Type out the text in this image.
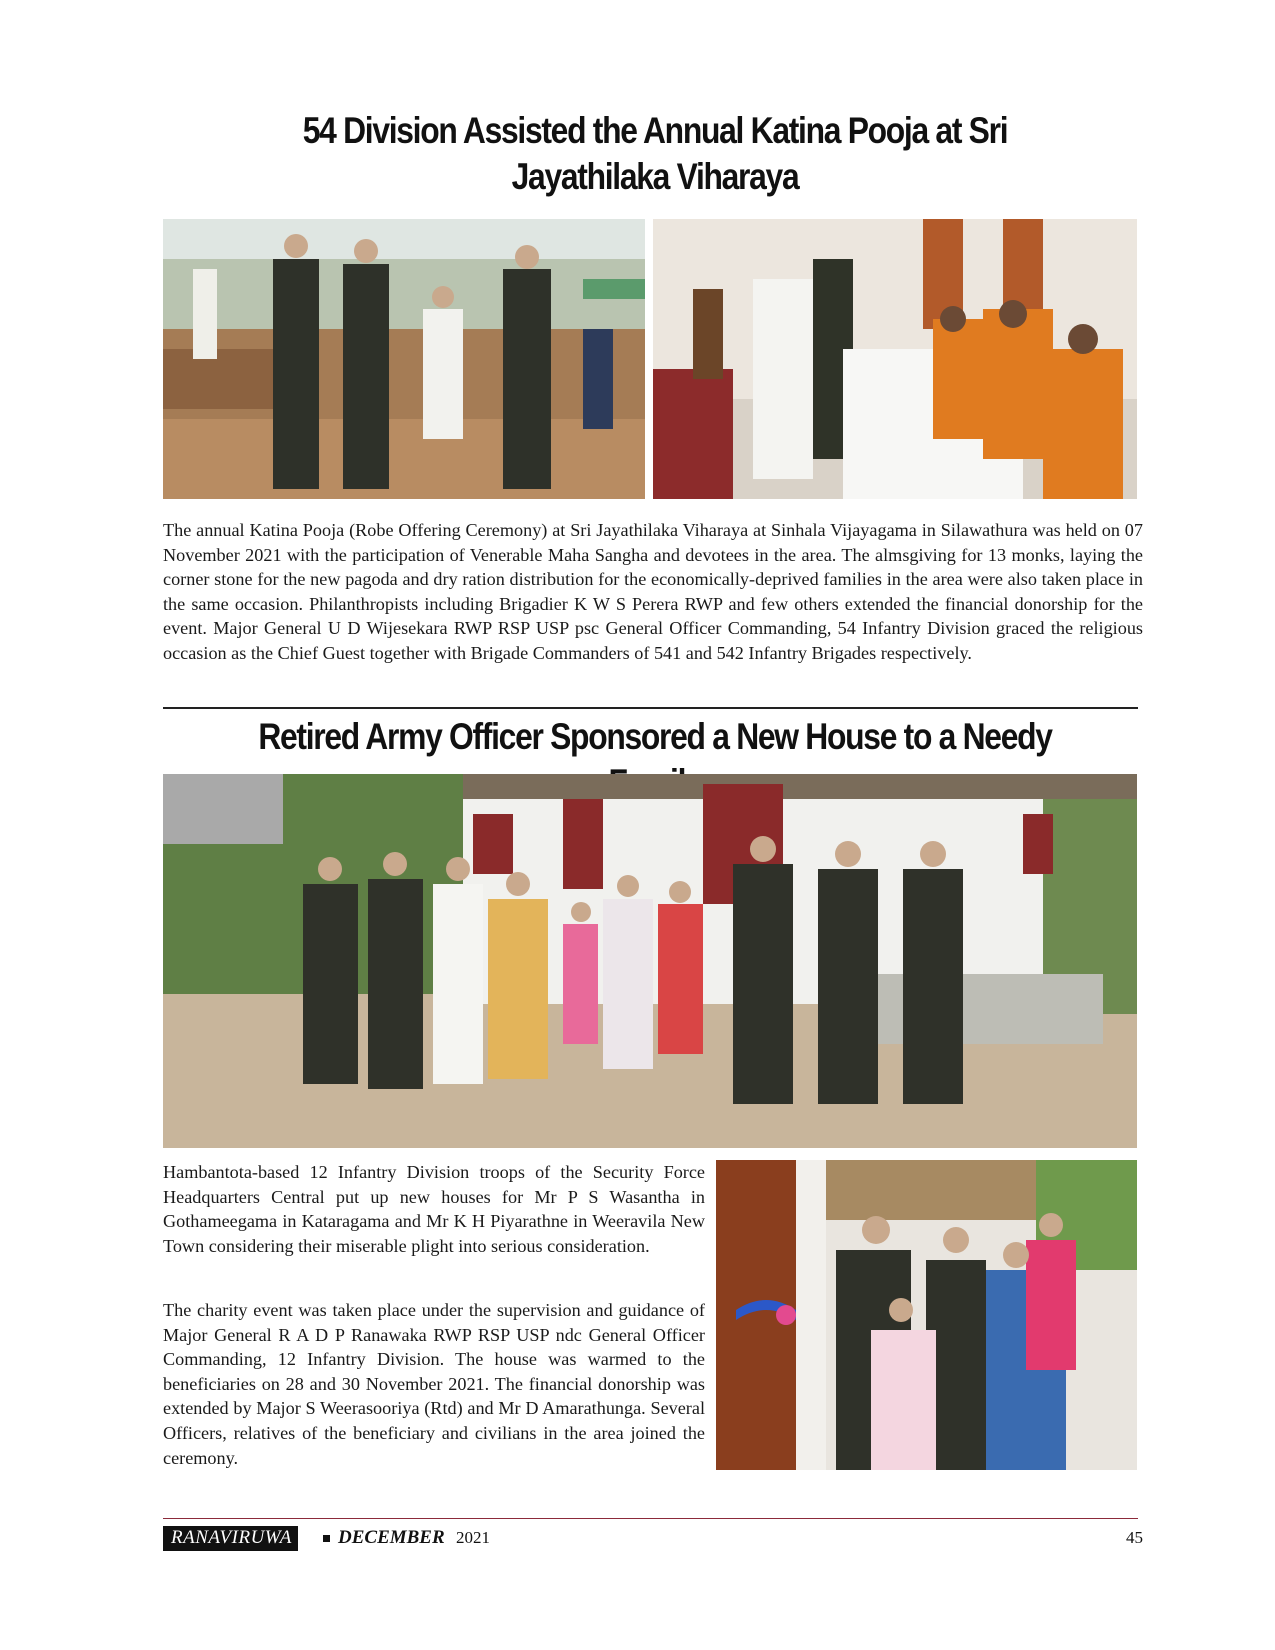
54 Division Assisted the Annual Katina Pooja at Sri Jayathilaka Viharaya

The annual Katina Pooja (Robe Offering Ceremony) at Sri Jayathilaka Viharaya at Sinhala Vijayagama in Silawathura was held on 07 November 2021 with the participation of Venerable Maha Sangha and devotees in the area. The almsgiving for 13 monks, laying the corner stone for the new pagoda and dry ration distribution for the economically-deprived families in the area were also taken place in the same occasion. Philanthropists including Brigadier K W S Perera RWP and few others extended the financial donorship for the event. Major General U D Wijesekara RWP RSP USP psc General Officer Commanding, 54 Infantry Division graced the religious occasion as the Chief Guest together with Brigade Commanders of 541 and 542 Infantry Brigades respectively.

Retired Army Officer Sponsored a New House to a Needy

Hambantota-based 12 Infantry Division troops of the Security Force Headquarters Central put up new houses for Mr P S Wasantha in Gothameegama in Kataragama and Mr K H Piyarathne in Weeravila New Town considering their miserable plight into serious consideration.

The charity event was taken place under the supervision and guidance of Major General R A D P Ranawaka RWP RSP USP ndc General Officer Commanding, 12 Infantry Division. The house was warmed to the beneficiaries on 28 and 30 November 2021. The financial donorship was extended by Major S Weerasooriya (Rtd) and Mr D Amarathunga. Several Officers, relatives of the beneficiary and civilians in the area joined the ceremony.

RANAVIRUWA	DECEMBER 2021	45
